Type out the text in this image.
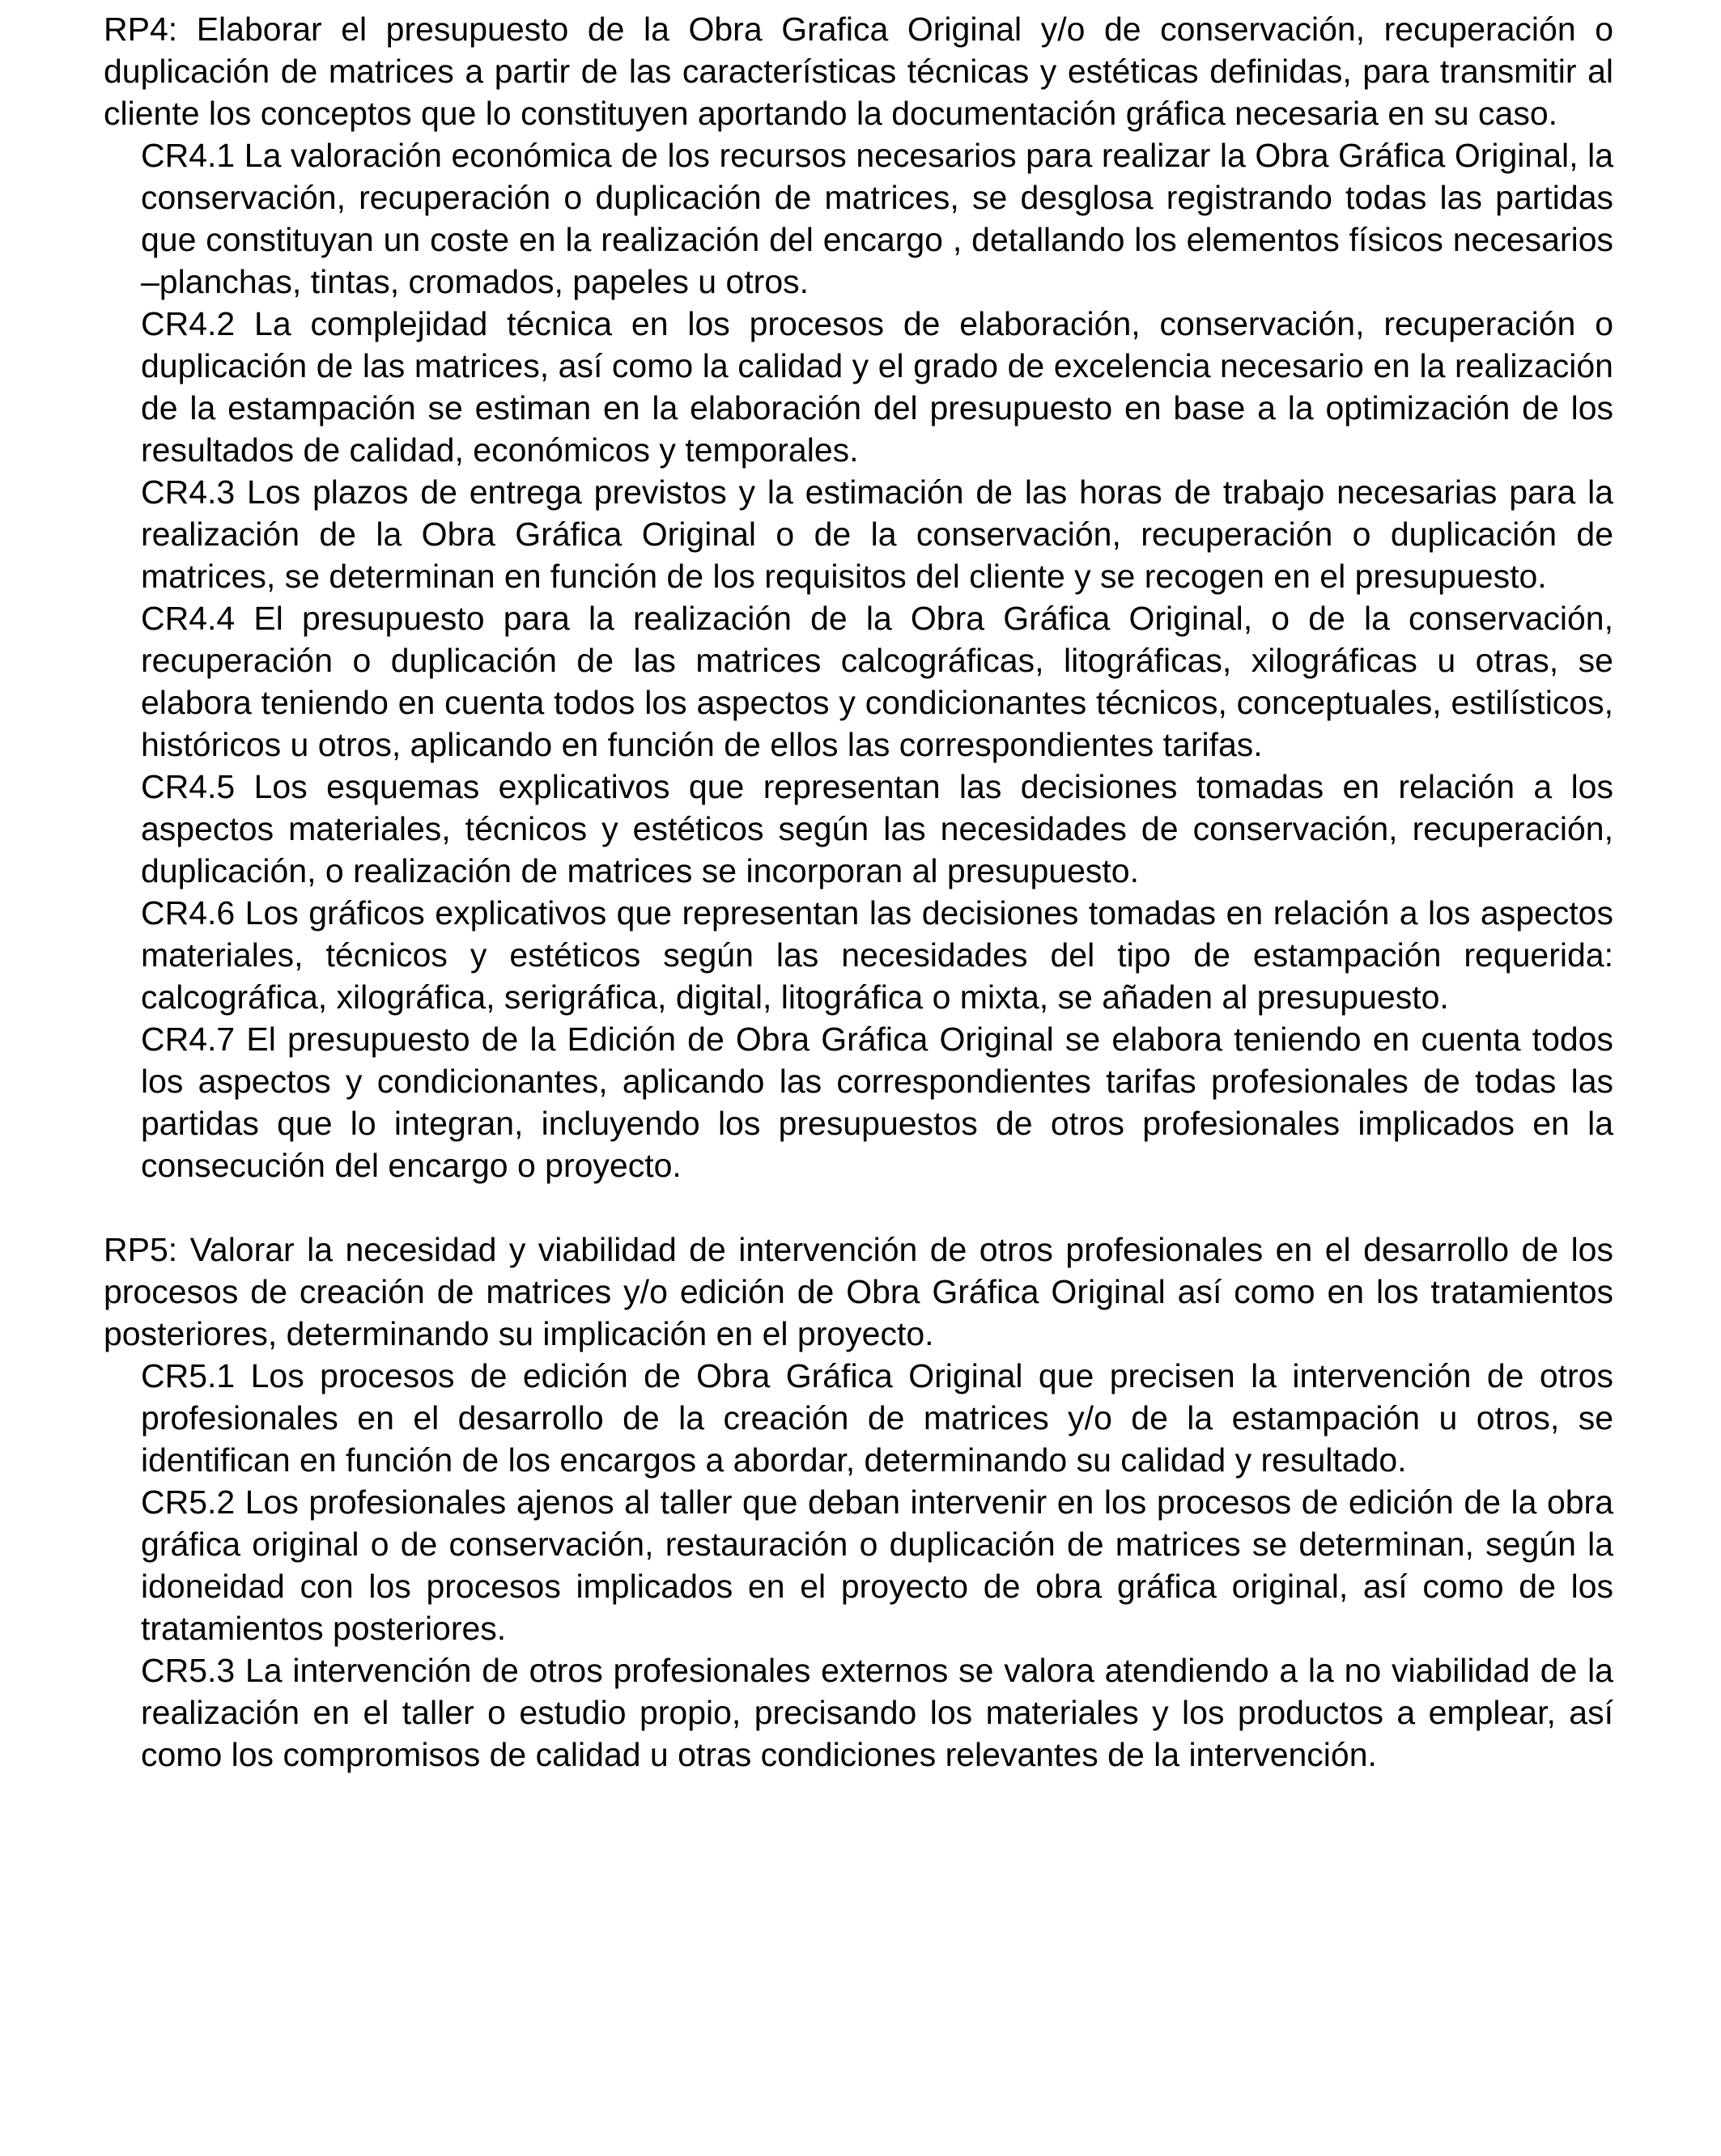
RP4: Elaborar el presupuesto de la Obra Grafica Original y/o de conservación, recuperación o duplicación de matrices a partir de las características técnicas y estéticas definidas, para transmitir al cliente los conceptos que lo constituyen aportando la documentación gráfica necesaria en su caso.

CR4.1 La valoración económica de los recursos necesarios para realizar la Obra Gráfica Original, la conservación, recuperación o duplicación de matrices, se desglosa registrando todas las partidas que constituyan un coste en la realización del encargo , detallando los elementos físicos necesarios –planchas, tintas, cromados, papeles u otros.

CR4.2 La complejidad técnica en los procesos de elaboración, conservación, recuperación o duplicación de las matrices, así como la calidad y el grado de excelencia necesario en la realización de la estampación se estiman en la elaboración del presupuesto en base a la optimización de los resultados de calidad, económicos y temporales.

CR4.3 Los plazos de entrega previstos y la estimación de las horas de trabajo necesarias para la realización de la Obra Gráfica Original o de la conservación, recuperación o duplicación de matrices, se determinan en función de los requisitos del cliente y se recogen en el presupuesto.

CR4.4 El presupuesto para la realización de la Obra Gráfica Original, o de la conservación, recuperación o duplicación de las matrices calcográficas, litográficas, xilográficas u otras, se elabora teniendo en cuenta todos los aspectos y condicionantes técnicos, conceptuales, estilísticos, históricos u otros, aplicando en función de ellos las correspondientes tarifas.

CR4.5 Los esquemas explicativos que representan las decisiones tomadas en relación a los aspectos materiales, técnicos y estéticos según las necesidades de conservación, recuperación, duplicación, o realización de matrices se incorporan al presupuesto.

CR4.6 Los gráficos explicativos que representan las decisiones tomadas en relación a los aspectos materiales, técnicos y estéticos según las necesidades del tipo de estampación requerida: calcográfica, xilográfica, serigráfica, digital, litográfica o mixta, se añaden al presupuesto.

CR4.7 El presupuesto de la Edición de Obra Gráfica Original se elabora teniendo en cuenta todos los aspectos y condicionantes, aplicando las correspondientes tarifas profesionales de todas las partidas que lo integran, incluyendo los presupuestos de otros profesionales implicados en la consecución del encargo o proyecto.

RP5: Valorar la necesidad y viabilidad de intervención de otros profesionales en el desarrollo de los procesos de creación de matrices y/o edición de Obra Gráfica Original así como en los tratamientos posteriores, determinando su implicación en el proyecto.

CR5.1 Los procesos de edición de Obra Gráfica Original que precisen la intervención de otros profesionales en el desarrollo de la creación de matrices y/o de la estampación u otros, se identifican en función de los encargos a abordar, determinando su calidad y resultado.

CR5.2 Los profesionales ajenos al taller que deban intervenir en los procesos de edición de la obra gráfica original o de conservación, restauración o duplicación de matrices se determinan, según la idoneidad con los procesos implicados en el proyecto de obra gráfica original, así como de los tratamientos posteriores.

CR5.3 La intervención de otros profesionales externos se valora atendiendo a la no viabilidad de la realización en el taller o estudio propio, precisando los materiales y los productos a emplear, así como los compromisos de calidad u otras condiciones relevantes de la intervención.
